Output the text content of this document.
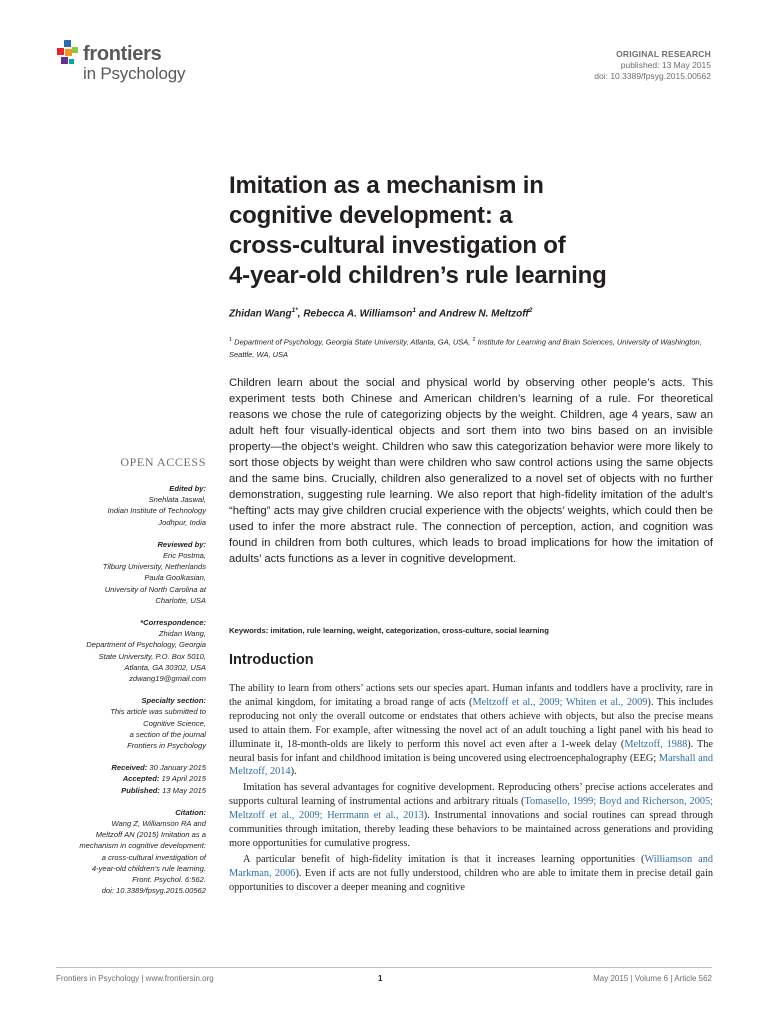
frontiers
in Psychology
ORIGINAL RESEARCH
published: 13 May 2015
doi: 10.3389/fpsyg.2015.00562
Imitation as a mechanism in
cognitive development: a
cross-cultural investigation of
4-year-old children’s rule learning
Zhidan Wang$^{1*}$, Rebecca A. Williamson$^1$ and Andrew N. Meltzoff$^2$
$^1$ Department of Psychology, Georgia State University, Atlanta, GA, USA, $^2$ Institute for Learning and Brain Sciences, University of Washington, Seattle, WA, USA

Children learn about the social and physical world by observing other people’s acts. This experiment tests both Chinese and American children’s learning of a rule. For theoretical reasons we chose the rule of categorizing objects by the weight. Children, age 4 years, saw an adult heft four visually-identical objects and sort them into two bins based on an invisible property—the object’s weight. Children who saw this categorization behavior were more likely to sort those objects by weight than were children who saw control actions using the same objects and the same bins. Crucially, children also generalized to a novel set of objects with no further demonstration, suggesting rule learning. We also report that high-fidelity imitation of the adult’s “hefting” acts may give children crucial experience with the objects’ weights, which could then be used to infer the more abstract rule. The connection of perception, action, and cognition was found in children from both cultures, which leads to broad implications for how the imitation of adults’ acts functions as a lever in cognitive development.

Keywords: imitation, rule learning, weight, categorization, cross-culture, social learning
OPEN ACCESS
Edited by:
Snehlata Jaswal,
Indian Institute of Technology
Jodhpur, India
Reviewed by:
Eric Postma,
Tilburg University, Netherlands
Paula Goolkasian,
University of North Carolina at
Charlotte, USA
*Correspondence:
Zhidan Wang,
Department of Psychology, Georgia
State University, P.O. Box 5010,
Atlanta, GA 30302, USA
zdwang19@gmail.com
Specialty section:
This article was submitted to
Cognitive Science,
a section of the journal
Frontiers in Psychology
Received: 30 January 2015
Accepted: 19 April 2015
Published: 13 May 2015
Citation:
Wang Z, Williamson RA and
Meltzoff AN (2015) Imitation as a
mechanism in cognitive development:
a cross-cultural investigation of
4-year-old children’s rule learning.
Front. Psychol. 6:562.
doi: 10.3389/fpsyg.2015.00562
Introduction

The ability to learn from others’ actions sets our species apart. Human infants and toddlers have a proclivity, rare in the animal kingdom, for imitating a broad range of acts (Meltzoff et al., 2009; Whiten et al., 2009). This includes reproducing not only the overall outcome or endstates that others achieve with objects, but also the precise means used to attain them. For example, after witnessing the novel act of an adult touching a light panel with his head to illuminate it, 18-month-olds are likely to perform this novel act even after a 1-week delay (Meltzoff, 1988). The neural basis for infant and childhood imitation is being uncovered using electroencephalography (EEG; Marshall and Meltzoff, 2014).

Imitation has several advantages for cognitive development. Reproducing others’ precise actions accelerates and supports cultural learning of instrumental actions and arbitrary rituals (Tomasello, 1999; Boyd and Richerson, 2005; Meltzoff et al., 2009; Herrmann et al., 2013). Instrumental innovations and social routines can spread through communities through imitation, thereby leading these behaviors to be maintained across generations and providing more opportunities for cumulative progress.

A particular benefit of high-fidelity imitation is that it increases learning opportunities (Williamson and Markman, 2006). Even if acts are not fully understood, children who are able to imitate them in precise detail gain opportunities to discover a deeper meaning and cognitive

Frontiers in Psychology | www.frontiersin.org	1	May 2015 | Volume 6 | Article 562
